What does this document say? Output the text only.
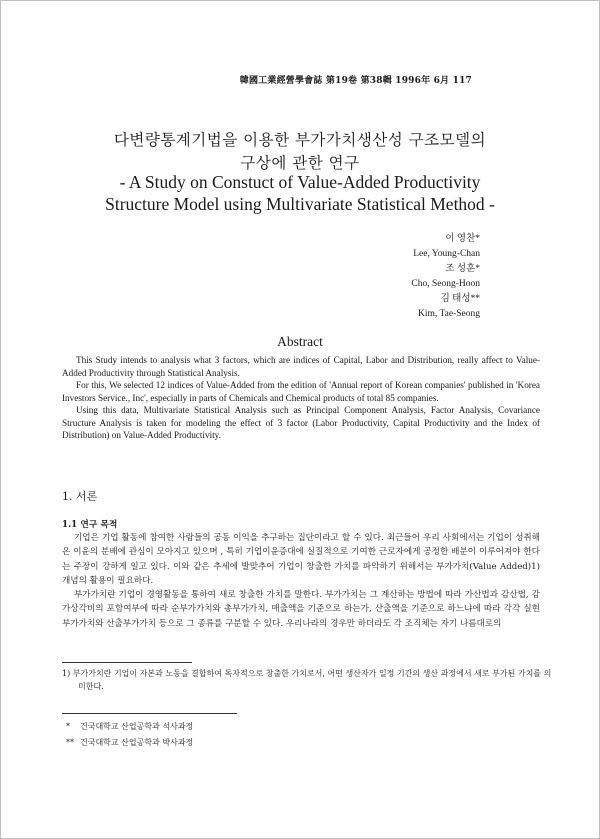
韓國工業經營學會誌 第19卷 第38輯 1996年 6月 117
다변량통계기법을 이용한 부가가치생산성 구조모델의
구상에 관한 연구
- A Study on Constuct of Value-Added Productivity
Structure Model using Multivariate Statistical Method -
이 영찬*
Lee, Young-Chan
조 성훈*
Cho, Seong-Hoon
김 태성**
Kim, Tae-Seong
Abstract

This Study intends to analysis what 3 factors, which are indices of Capital, Labor and Distribution, really affect to Value-Added Productivity through Statistical Analysis.

For this, We selected 12 indices of Value-Added from the edition of 'Annual report of Korean companies' published in 'Korea Investors Service., Inc', especially in parts of Chemicals and Chemical products of total 85 companies.

Using this data, Multivariate Statistical Analysis such as Principal Component Analysis, Factor Analysis, Covariance Structure Analysis is taken for modeling the effect of 3 factor (Labor Productivity, Capital Productivity and the Index of Distribution) on Value-Added Productivity.

1. 서론
1.1 연구 목적

기업은 기업 활동에 참여한 사람들의 공동 이익을 추구하는 집단이라고 할 수 있다. 최근들어 우리 사회에서는 기업이 성취해 온 이윤의 분배에 관심이 모아지고 있으며 , 특히 기업이윤증대에 실질적으로 기여한 근로자에게 공정한 배분이 이루어져야 한다는 주장이 강하게 일고 있다. 이와 같은 추세에 발맞추어 기업이 창출한 가치를 파악하기 위해서는 부가가치(Value Added)1) 개념의 활용이 필요하다.

부가가치란 기업이 경영활동을 통하여 새로 창출한 가치를 말한다. 부가가치는 그 계산하는 방법에 따라 가산법과 감산법, 감가상각비의 포함여부에 따라 순부가가치와 총부가가치, 매출액을 기준으로 하는가, 산출액을 기준으로 하느냐에 따라 각각 실현 부가가치와 산출부가가치 등으로 그 종류를 구분할 수 있다. 우리나라의 경우만 하더라도 각 조직체는 자기 나름대로의

1) 부가가치란 기업이 자본과 노동을 결합하여 독자적으로 창출한 가치로서, 어떤 생산자가 일정 기간의 생산 과정에서 새로 부가된 가치를 의미한다.
* 건국대학교 산업공학과 석사과정
** 건국대학교 산업공학과 박사과정
